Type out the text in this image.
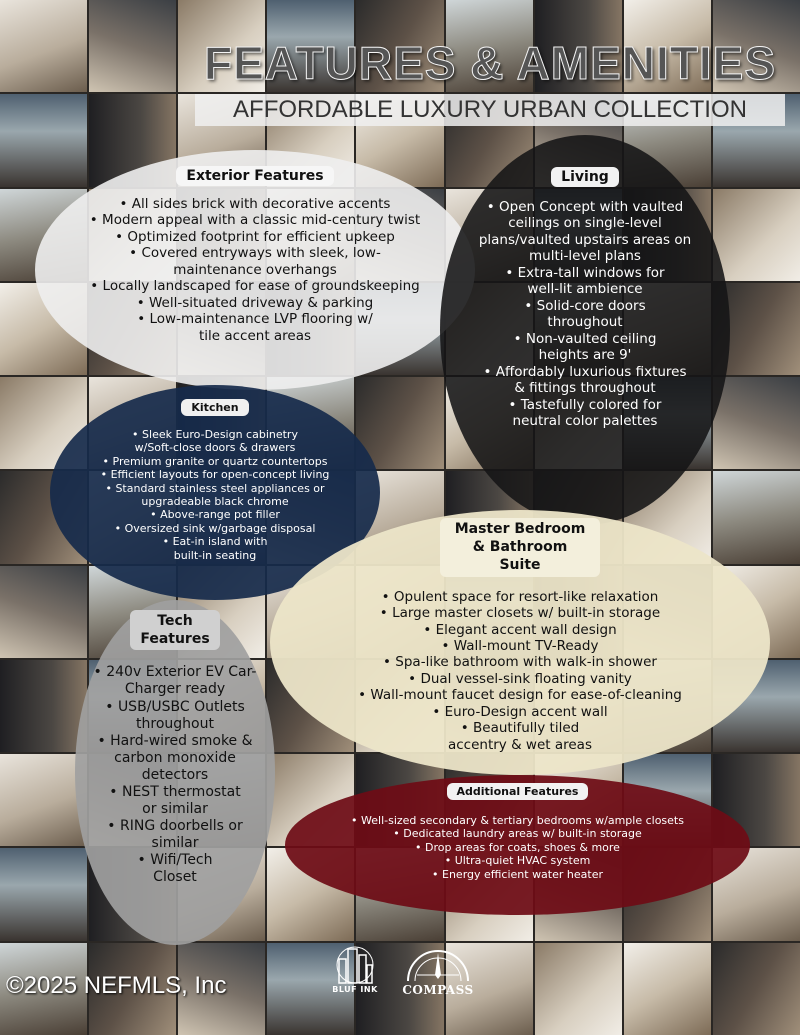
FEATURES & AMENITIES
AFFORDABLE LUXURY URBAN COLLECTION
Exterior Features
• All sides brick with decorative accents
• Modern appeal with a classic mid-century twist
• Optimized footprint for efficient upkeep
• Covered entryways with sleek, low-maintenance overhangs
• Locally landscaped for ease of groundskeeping
• Well-situated driveway & parking
• Low-maintenance LVP flooring w/ tile accent areas
Living
• Open Concept with vaulted ceilings on single-level plans/vaulted upstairs areas on multi-level plans
• Extra-tall windows for well-lit ambience
• Solid-core doors throughout
• Non-vaulted ceiling heights are 9'
• Affordably luxurious fixtures & fittings throughout
• Tastefully colored for neutral color palettes
Kitchen
• Sleek Euro-Design cabinetry w/Soft-close doors & drawers
• Premium granite or quartz countertops
• Efficient layouts for open-concept living
• Standard stainless steel appliances or upgradeable black chrome
• Above-range pot filler
• Oversized sink w/garbage disposal
• Eat-in island with built-in seating
Master Bedroom & Bathroom Suite
• Opulent space for resort-like relaxation
• Large master closets w/ built-in storage
• Elegant accent wall design
• Wall-mount TV-Ready
• Spa-like bathroom with walk-in shower
• Dual vessel-sink floating vanity
• Wall-mount faucet design for ease-of-cleaning
• Euro-Design accent wall
• Beautifully tiled accentry & wet areas
Tech Features
• 240v Exterior EV Car-Charger ready
• USB/USBC Outlets throughout
• Hard-wired smoke & carbon monoxide detectors
• NEST thermostat or similar
• RING doorbells or similar
• Wifi/Tech Closet
Additional Features
• Well-sized secondary & tertiary bedrooms w/ample closets
• Dedicated laundry areas w/ built-in storage
• Drop areas for coats, shoes & more
• Ultra-quiet HVAC system
• Energy efficient water heater
©2025 NEFMLS, Inc	BLUF INK COMPASS
